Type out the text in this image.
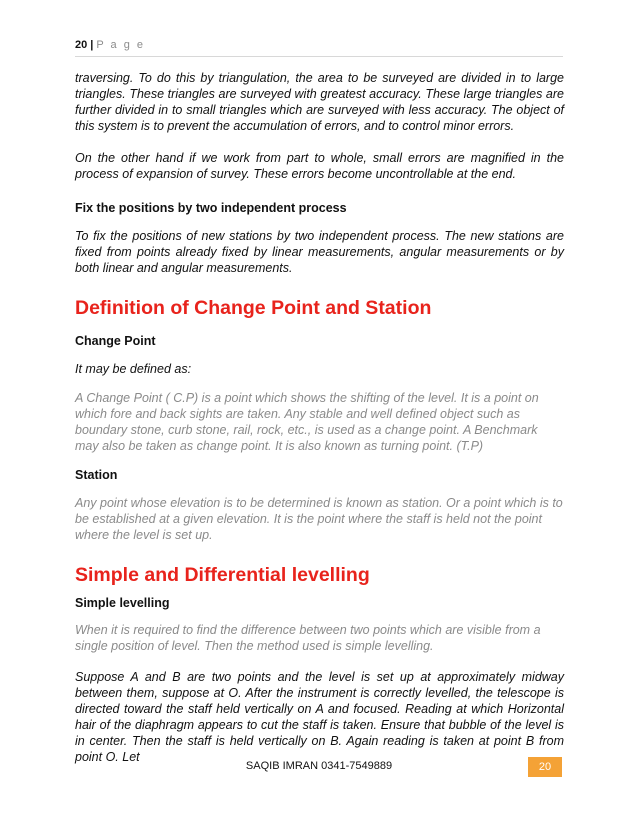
20 | P a g e

traversing. To do this by triangulation, the area to be surveyed are divided in to large triangles. These triangles are surveyed with greatest accuracy. These large triangles are further divided in to small triangles which are surveyed with less accuracy. The object of this system is to prevent the accumulation of errors, and to control minor errors.

On the other hand if we work from part to whole, small errors are magnified in the process of expansion of survey. These errors become uncontrollable at the end.

Fix the positions by two independent process

To fix the positions of new stations by two independent process. The new stations are fixed from points already fixed by linear measurements, angular measurements or by both linear and angular measurements.

Definition of Change Point and Station

Change Point

It may be defined as:

A Change Point ( C.P) is a point which shows the shifting of the level. It is a point on which fore and back sights are taken. Any stable and well defined object such as boundary stone, curb stone, rail, rock, etc., is used as a change point. A Benchmark may also be taken as change point. It is also known as turning point. (T.P)

Station

Any point whose elevation is to be determined is known as station. Or a point which is to be established at a given elevation. It is the point where the staff is held not the point where the level is set up.

Simple and Differential levelling

Simple levelling

When it is required to find the difference between two points which are visible from a single position of level. Then the method used is simple levelling.

Suppose A and B are two points and the level is set up at approximately midway between them, suppose at O. After the instrument is correctly levelled, the telescope is directed toward the staff held vertically on A and focused. Reading at which Horizontal hair of the diaphragm appears to cut the staff is taken. Ensure that bubble of the level is in center. Then the staff is held vertically on B. Again reading is taken at point B from point O. Let

SAQIB IMRAN 0341-7549889	20
